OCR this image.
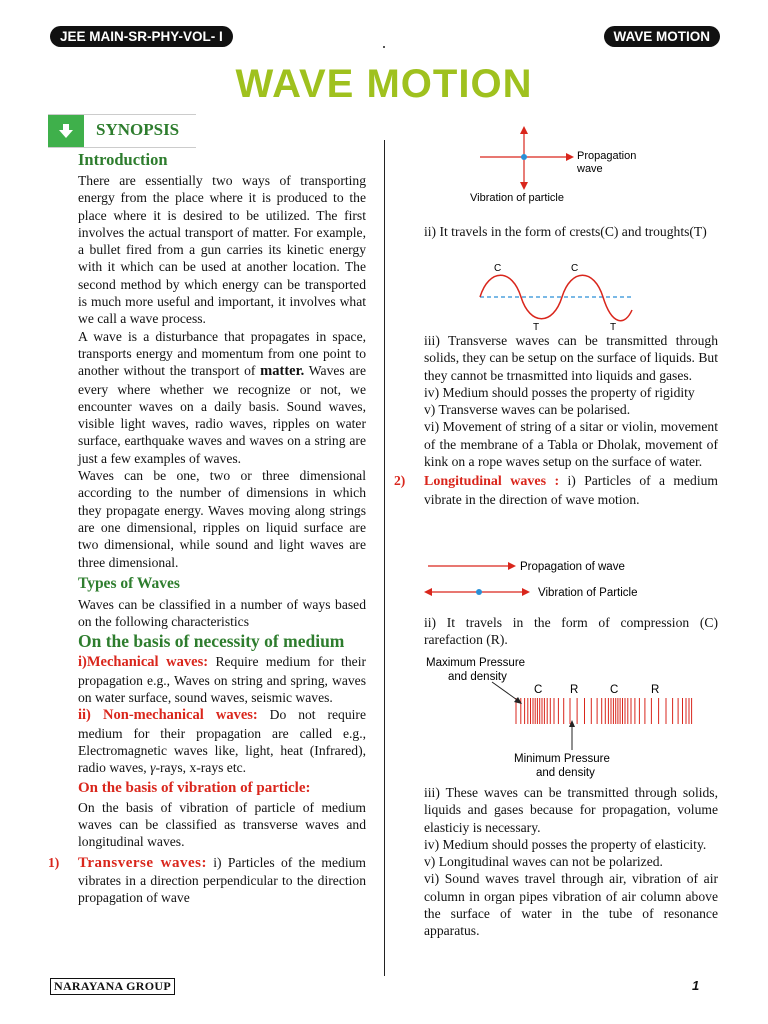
JEE MAIN-SR-PHY-VOL- I	WAVE MOTION
WAVE MOTION
SYNOPSIS
Introduction

There are essentially two ways of transporting energy from the place where it is produced to the place where it is desired to be utilized. The first involves the actual transport of matter. For example, a bullet fired from a gun carries its kinetic energy with it which can be used at another location. The second method by which energy can be transported is much more useful and important, it involves what we call a wave process.

A wave is a disturbance that propagates in space, transports energy and momentum from one point to another without the transport of matter. Waves are every where whether we recognize or not, we encounter waves on a daily basis. Sound waves, visible light waves, radio waves, ripples on water surface, earthquake waves and waves on a string are just a few examples of waves.

Waves can be one, two or three dimensional according to the number of dimensions in which they propagate energy. Waves moving along strings are one dimensional, ripples on liquid surface are two dimensional, while sound and light waves are three dimensional.

Types of Waves

Waves can be classified in a number of ways based on the following characteristics

On the basis of necessity of medium

i)Mechanical waves: Require medium for their propagation e.g., Waves on string and spring, waves on water surface, sound waves, seismic waves.

ii) Non-mechanical waves: Do not require medium for their propagation are called e.g., Electromagnetic waves like, light, heat (Infrared), radio waves, γ-rays, x-rays etc.

On the basis of vibration of particle:

On the basis of vibration of particle of medium waves can be classified as transverse waves and longitudinal waves.

1) Transverse waves: i) Particles of the medium vibrates in a direction perpendicular to the direction propagation of wave

Propagation
wave
Vibration of particle

ii) It travels in the form of crests(C) and troughts(T)

C	C
T	T

iii) Transverse waves can be transmitted through solids, they can be setup on the surface of liquids. But they cannot be trnasmitted into liquids and gases.

iv) Medium should posses the property of rigidity

v) Transverse waves can be polarised.

vi) Movement of string of a sitar or violin, movement of the membrane of a Tabla or Dholak, movement of kink on a rope waves setup on the surface of water.

2) Longitudinal waves : i) Particles of a medium vibrate in the direction of wave motion.

Propagation of wave
Vibration of Particle

ii) It travels in the form of compression (C) rarefaction (R).

Maximum Pressure
and density
C R	C	R
Minimum Pressure
and density

iii) These waves can be transmitted through solids, liquids and gases because for propagation, volume elasticiy is necessary.

iv) Medium should posses the property of elasticity.

v) Longitudinal waves can not be polarized.

vi) Sound waves travel through air, vibration of air column in organ pipes vibration of air column above the surface of water in the tube of resonance apparatus.

NARAYANA GROUP	1
